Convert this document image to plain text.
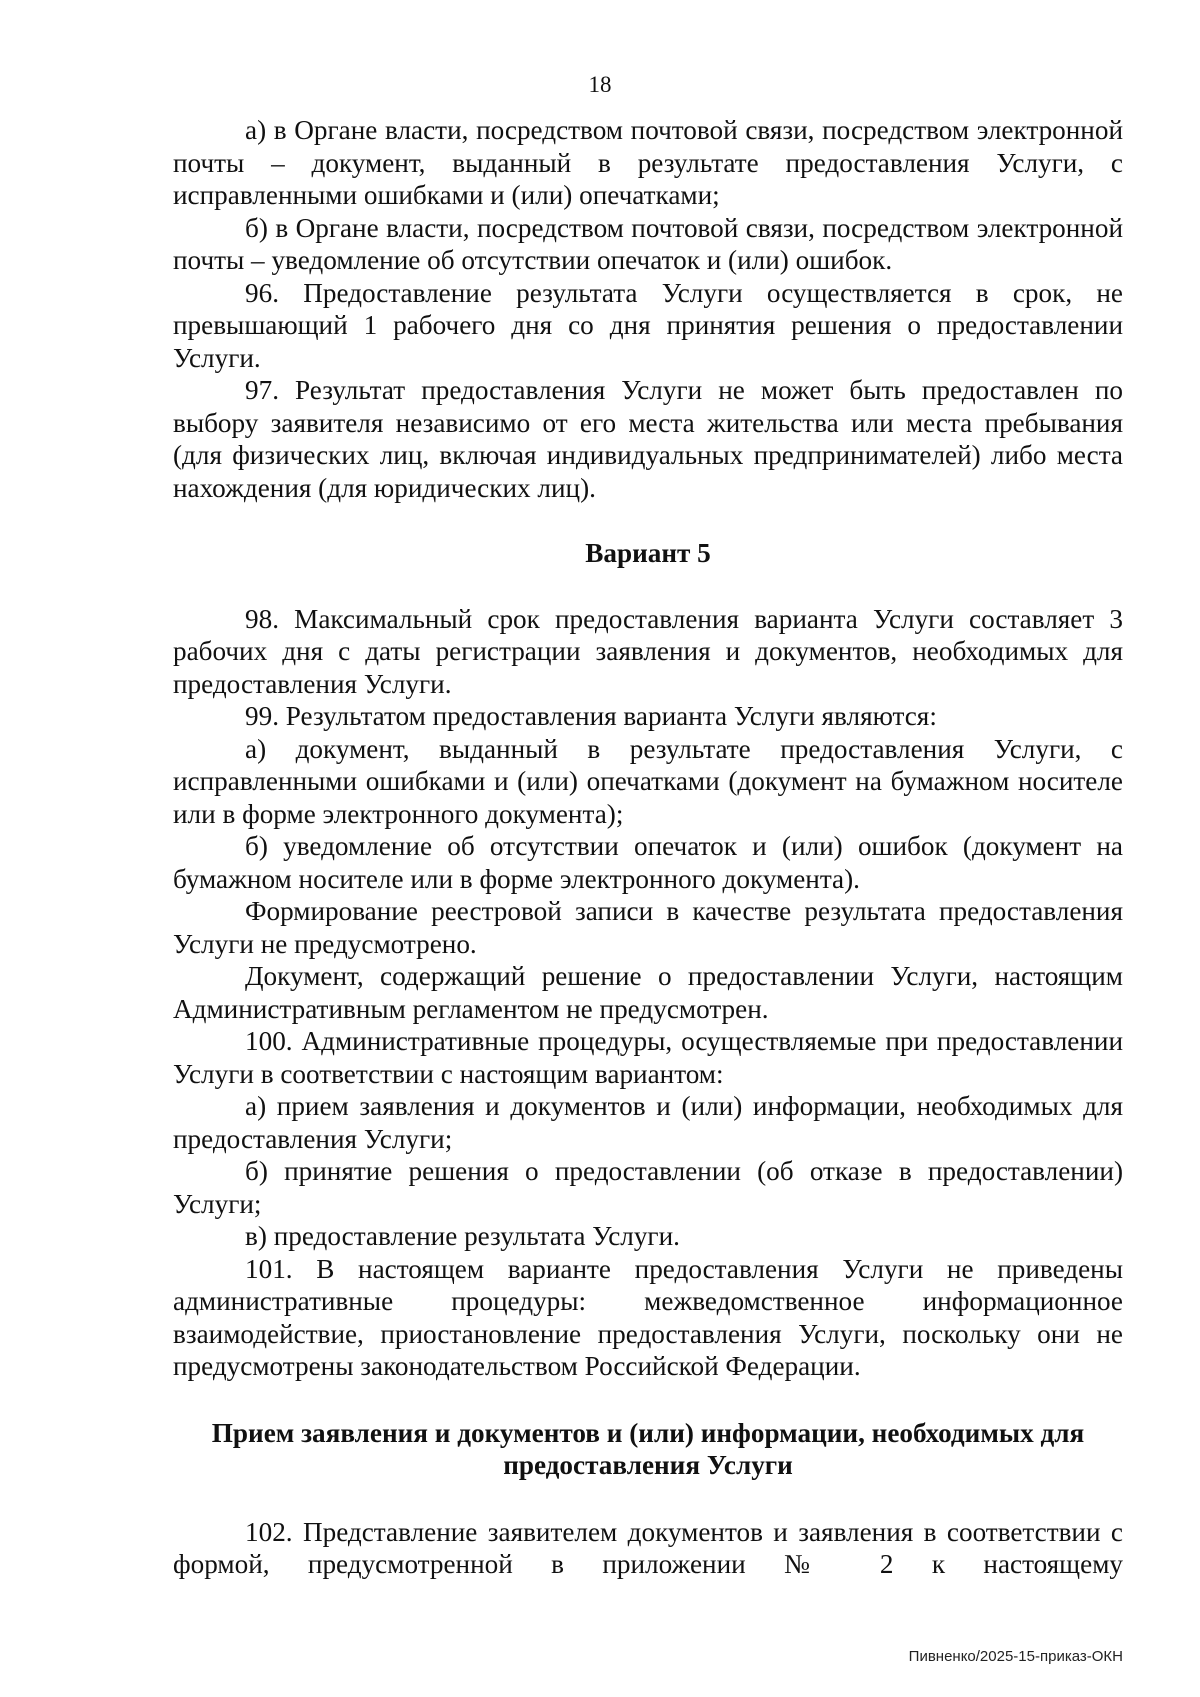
18

а) в Органе власти, посредством почтовой связи, посредством электронной почты – документ, выданный в результате предоставления Услуги, с исправленными ошибками и (или) опечатками;

б) в Органе власти, посредством почтовой связи, посредством электронной почты – уведомление об отсутствии опечаток и (или) ошибок.

96. Предоставление результата Услуги осуществляется в срок, не превышающий 1 рабочего дня со дня принятия решения о предоставлении Услуги.

97. Результат предоставления Услуги не может быть предоставлен по выбору заявителя независимо от его места жительства или места пребывания (для физических лиц, включая индивидуальных предпринимателей) либо места нахождения (для юридических лиц).

Вариант 5

98. Максимальный срок предоставления варианта Услуги составляет 3 рабочих дня с даты регистрации заявления и документов, необходимых для предоставления Услуги.

99. Результатом предоставления варианта Услуги являются:

а) документ, выданный в результате предоставления Услуги, с исправленными ошибками и (или) опечатками (документ на бумажном носителе или в форме электронного документа);

б) уведомление об отсутствии опечаток и (или) ошибок (документ на бумажном носителе или в форме электронного документа).

Формирование реестровой записи в качестве результата предоставления Услуги не предусмотрено.

Документ, содержащий решение о предоставлении Услуги, настоящим Административным регламентом не предусмотрен.

100. Административные процедуры, осуществляемые при предоставлении Услуги в соответствии с настоящим вариантом:

а) прием заявления и документов и (или) информации, необходимых для предоставления Услуги;

б) принятие решения о предоставлении (об отказе в предоставлении) Услуги;

в) предоставление результата Услуги.

101. В настоящем варианте предоставления Услуги не приведены административные процедуры: межведомственное информационное взаимодействие, приостановление предоставления Услуги, поскольку они не предусмотрены законодательством Российской Федерации.

Прием заявления и документов и (или) информации, необходимых для
предоставления Услуги

102. Представление заявителем документов и заявления в соответствии с формой, предусмотренной в приложении № 2 к настоящему

Пивненко/2025-15-приказ-ОКН
